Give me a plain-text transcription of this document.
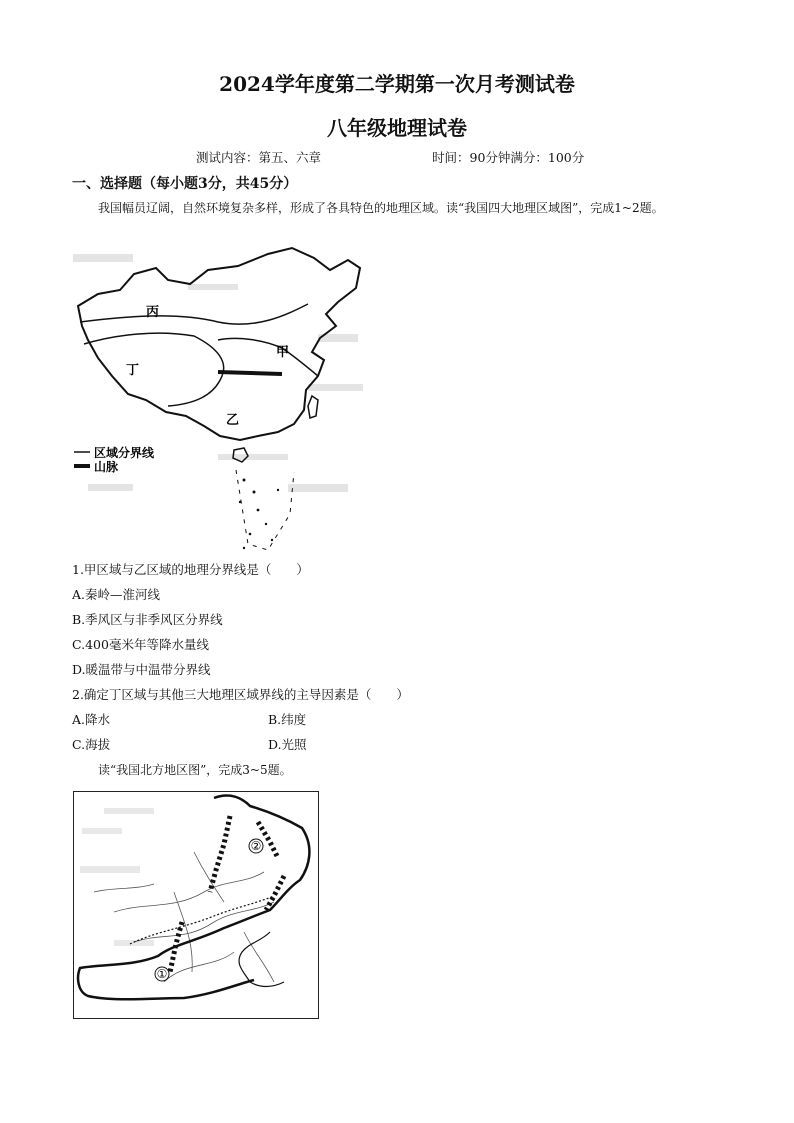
2024学年度第二学期第一次月考测试卷
八年级地理试卷
测试内容：第五、六章	时间：90分钟满分：100分
一、选择题（每小题3分，共45分）
我国幅员辽阔，自然环境复杂多样，形成了各具特色的地理区域。读“我国四大地理区域图”，完成1~2题。
丙
甲
丁
乙
区域分界线
山脉
1.甲区域与乙区域的地理分界线是（　　）
A.秦岭—淮河线
B.季风区与非季风区分界线
C.400毫米年等降水量线
D.暖温带与中温带分界线
2.确定丁区域与其他三大地理区域界线的主导因素是（　　）
A.降水	B.纬度
C.海拔	D.光照
读“我国北方地区图”，完成3~5题。
②
①
